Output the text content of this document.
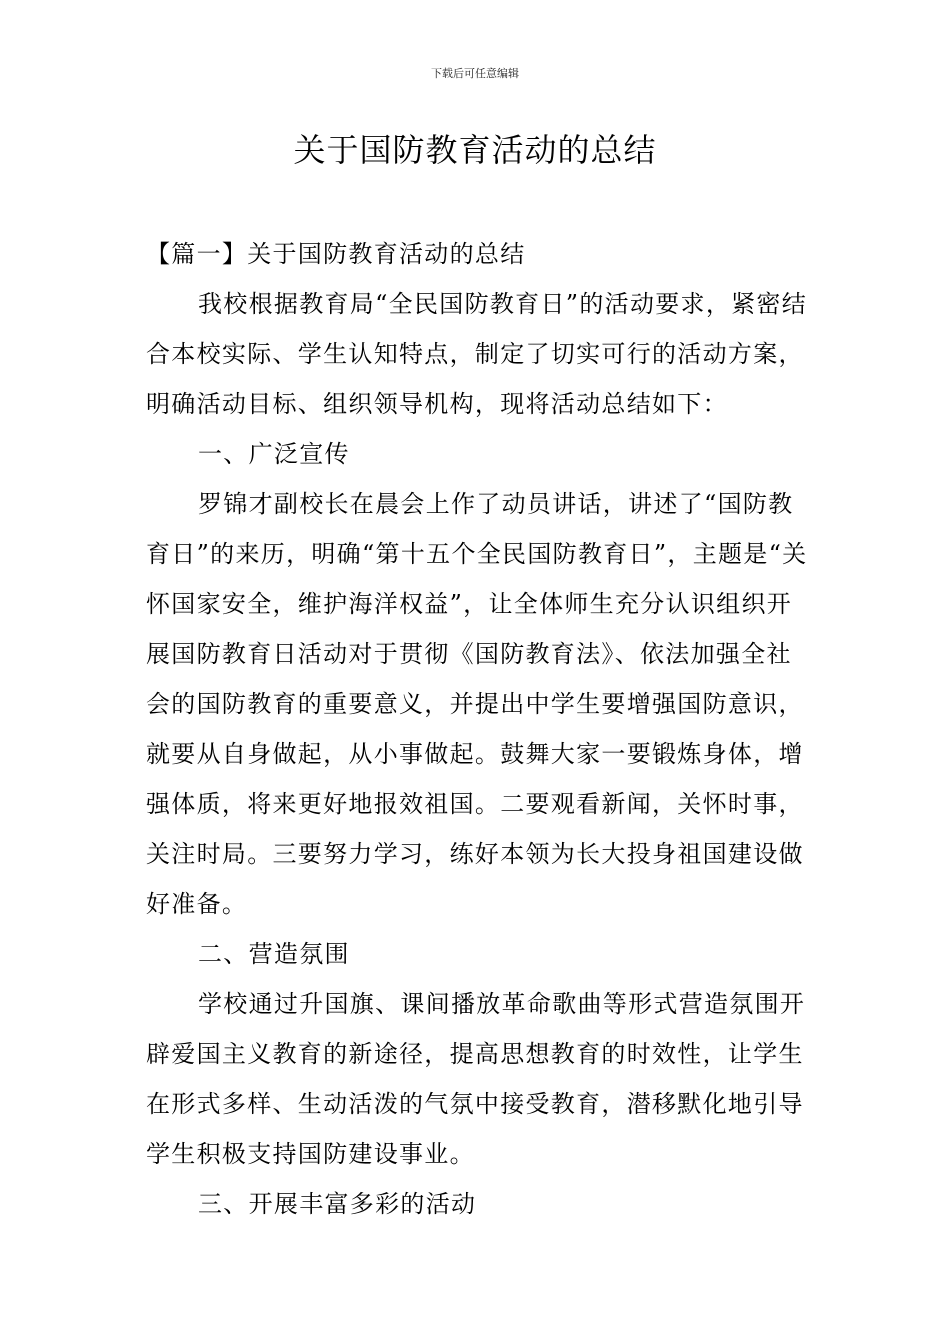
下载后可任意编辑
关于国防教育活动的总结

【篇一】关于国防教育活动的总结

我校根据教育局“全民国防教育日”的活动要求，紧密结合本校实际、学生认知特点，制定了切实可行的活动方案，明确活动目标、组织领导机构，现将活动总结如下：

一、广泛宣传

罗锦才副校长在晨会上作了动员讲话，讲述了“国防教育日”的来历，明确“第十五个全民国防教育日”，主题是“关怀国家安全，维护海洋权益”，让全体师生充分认识组织开展国防教育日活动对于贯彻《国防教育法》、依法加强全社会的国防教育的重要意义，并提出中学生要增强国防意识，就要从自身做起，从小事做起。鼓舞大家一要锻炼身体，增强体质，将来更好地报效祖国。二要观看新闻，关怀时事，关注时局。三要努力学习，练好本领为长大投身祖国建设做好准备。

二、营造氛围

学校通过升国旗、课间播放革命歌曲等形式营造氛围开辟爱国主义教育的新途径，提高思想教育的时效性，让学生在形式多样、生动活泼的气氛中接受教育，潜移默化地引导学生积极支持国防建设事业。

三、开展丰富多彩的活动
